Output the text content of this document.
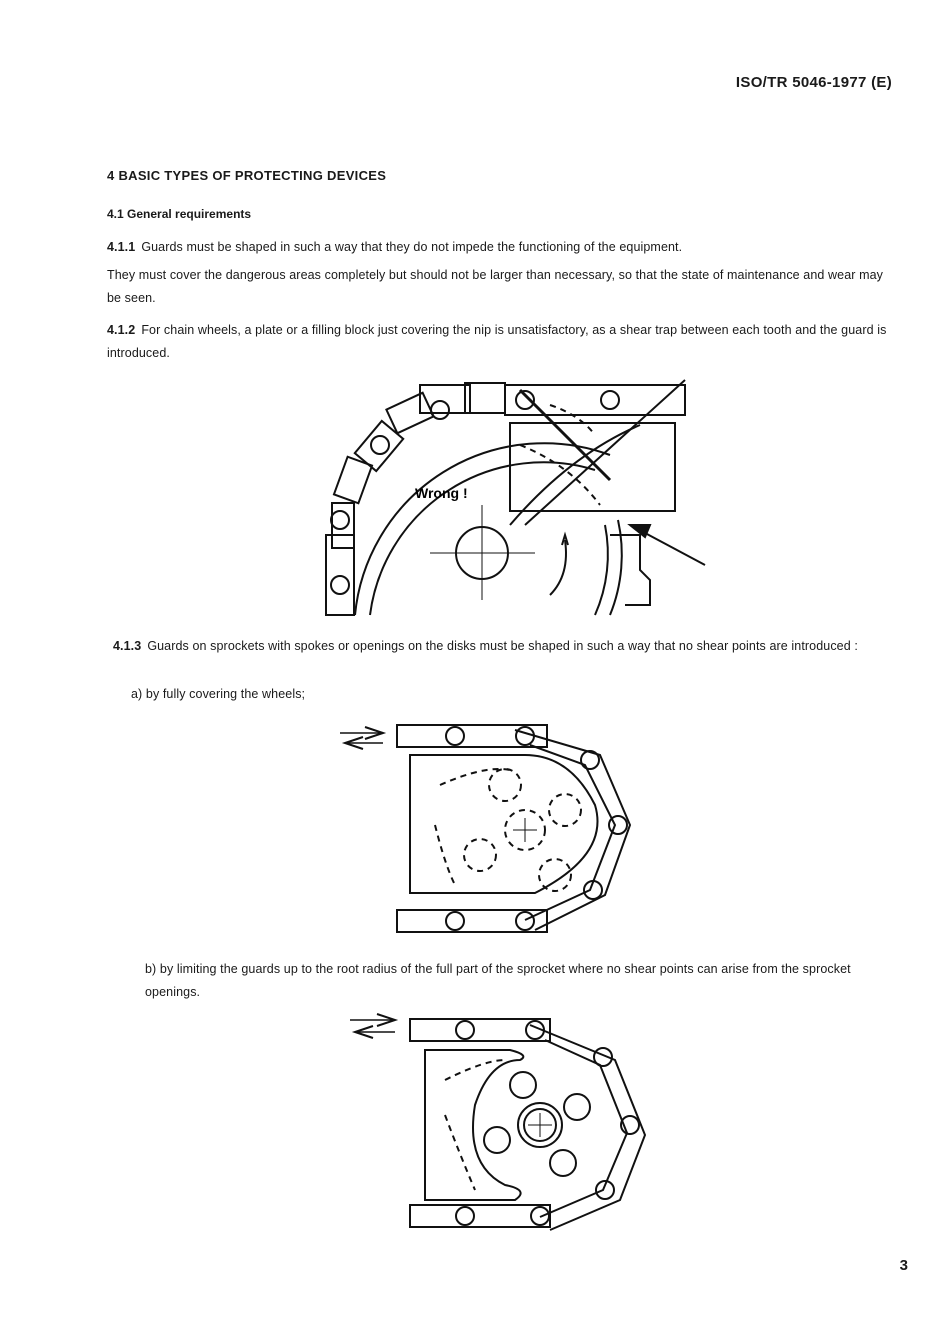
ISO/TR 5046-1977 (E)
4 BASIC TYPES OF PROTECTING DEVICES
4.1 General requirements
4.1.1 Guards must be shaped in such a way that they do not impede the functioning of the equipment.
They must cover the dangerous areas completely but should not be larger than necessary, so that the state of maintenance and wear may be seen.
4.1.2 For chain wheels, a plate or a filling block just covering the nip is unsatisfactory, as a shear trap between each tooth and the guard is introduced.
Wrong !
4.1.3 Guards on sprockets with spokes or openings on the disks must be shaped in such a way that no shear points are introduced :
a) by fully covering the wheels;
b) by limiting the guards up to the root radius of the full part of the sprocket where no shear points can arise from the sprocket openings.
3
